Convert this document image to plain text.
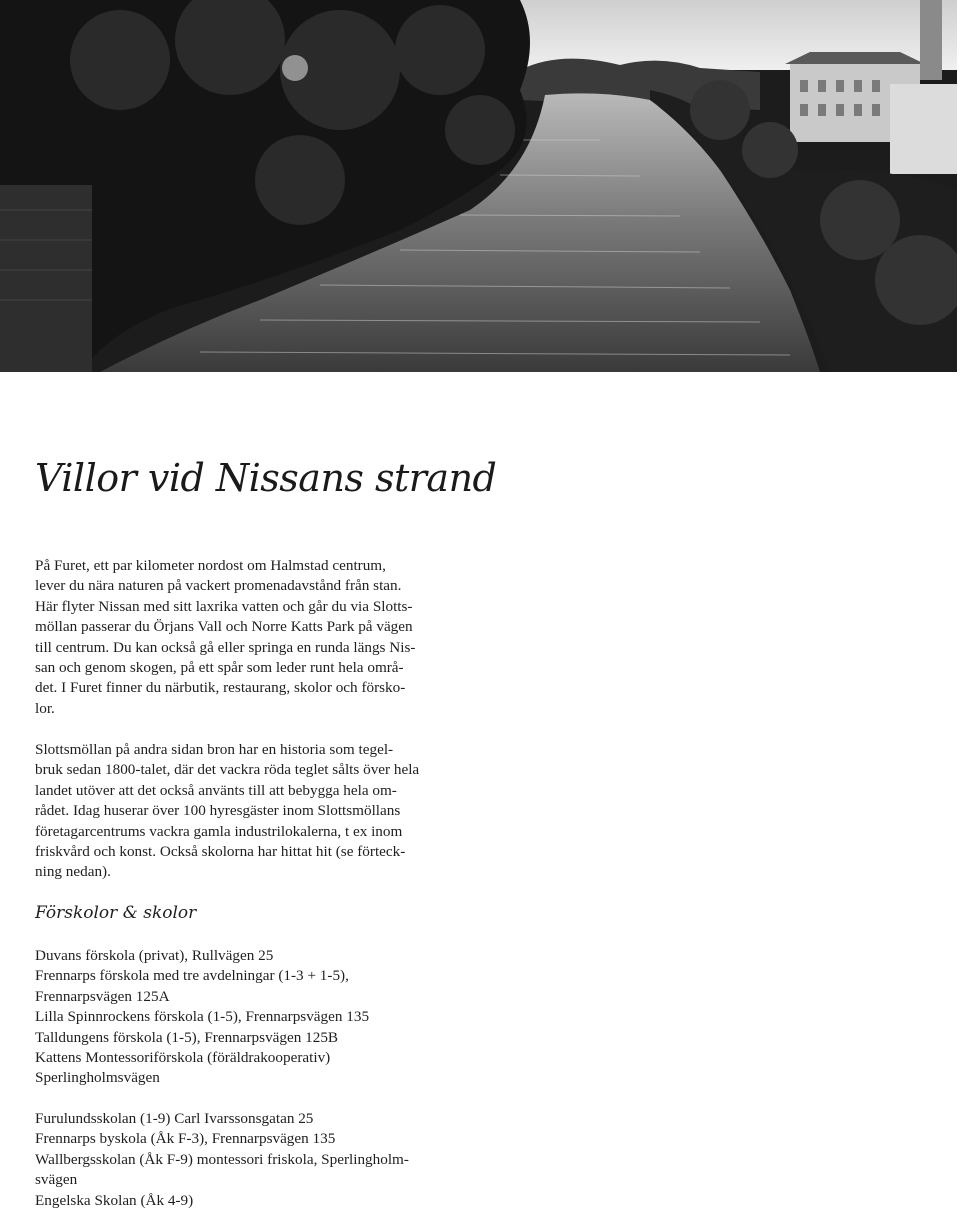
Villor vid Nissans strand

På Furet, ett par kilometer nordost om Halmstad centrum,
lever du nära naturen på vackert promenadavstånd från stan.
Här flyter Nissan med sitt laxrika vatten och går du via Slotts-
möllan passerar du Örjans Vall och Norre Katts Park på vägen
till centrum. Du kan också gå eller springa en runda längs Nis-
san och genom skogen, på ett spår som leder runt hela områ-
det. I Furet finner du närbutik, restaurang, skolor och försko-
lor.

Slottsmöllan på andra sidan bron har en historia som tegel-
bruk sedan 1800-talet, där det vackra röda teglet sålts över hela
landet utöver att det också använts till att bebygga hela om-
rådet. Idag huserar över 100 hyresgäster inom Slottsmöllans
företagarcentrums vackra gamla industrilokalerna, t ex inom
friskvård och konst. Också skolorna har hittat hit (se förteck-
ning nedan).

Förskolor & skolor
Duvans förskola (privat), Rullvägen 25
Frennarps förskola med tre avdelningar (1-3 + 1-5),
Frennarpsvägen 125A
Lilla Spinnrockens förskola (1-5), Frennarpsvägen 135
Talldungens förskola (1-5), Frennarpsvägen 125B
Kattens Montessoriförskola (föräldrakooperativ)
Sperlingholmsvägen
Furulundsskolan (1-9) Carl Ivarssonsgatan 25
Frennarps byskola (Åk F-3), Frennarpsvägen 135
Wallbergsskolan (Åk F-9) montessori friskola, Sperlingholm-
svägen
Engelska Skolan (Åk 4-9)
